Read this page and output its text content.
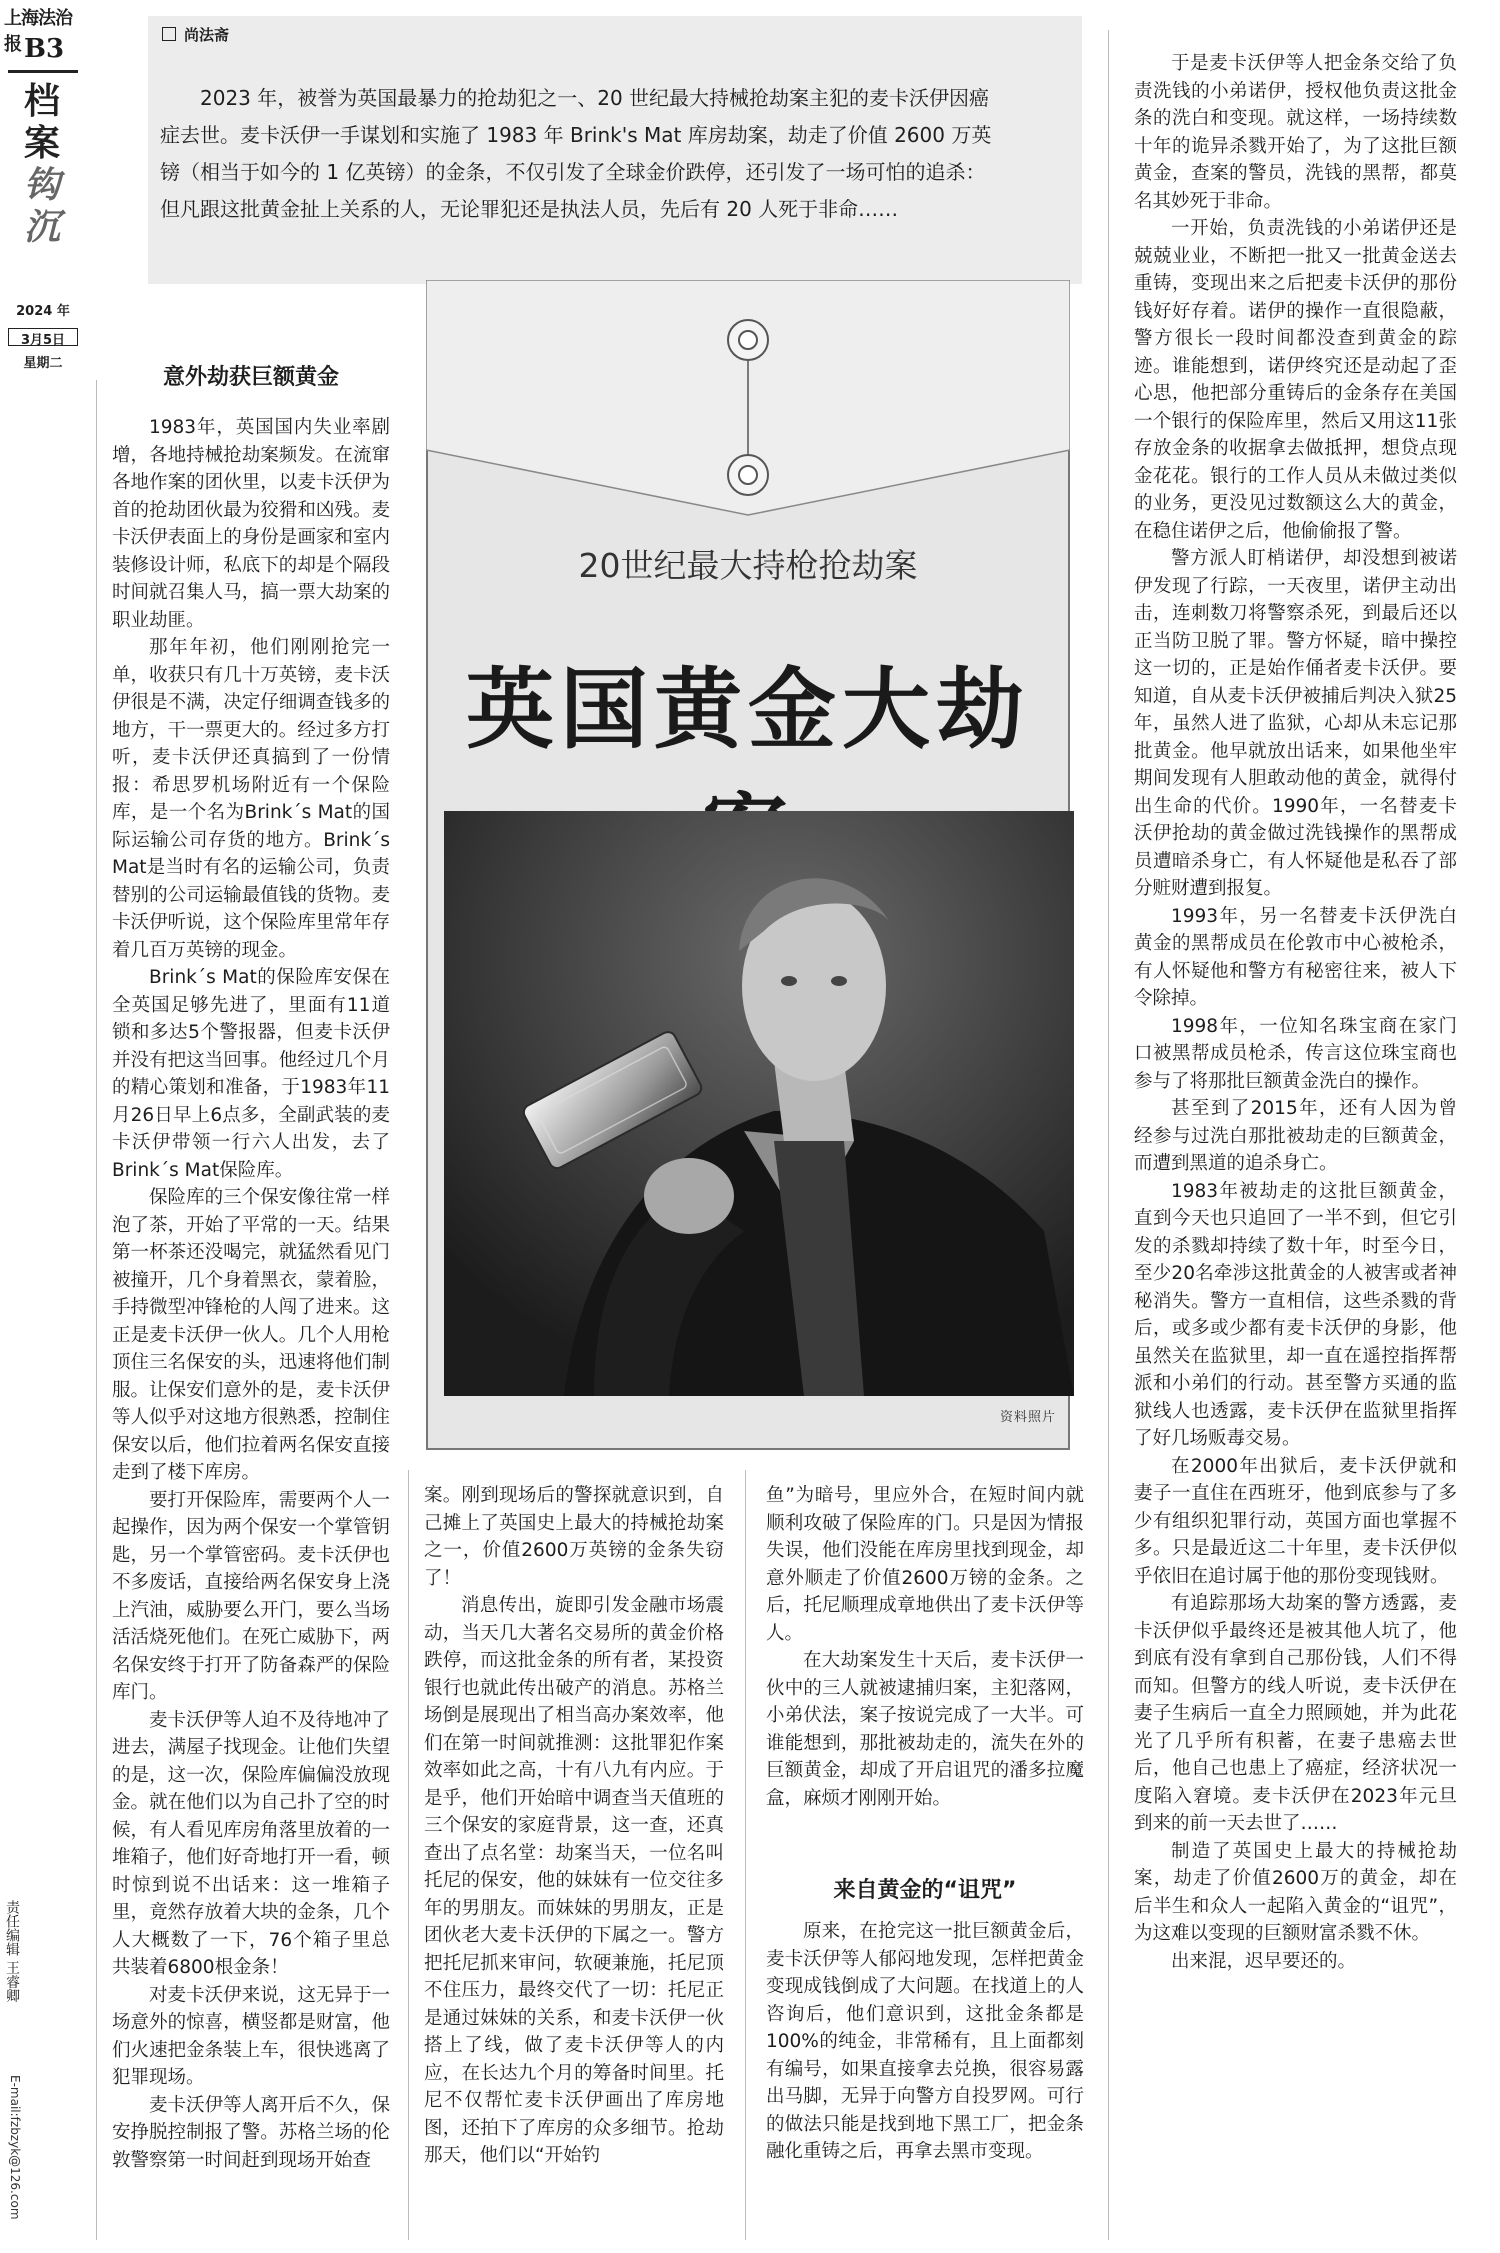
上海法治报 B3
档案
钩沉
2024 年
3月5日
星期二
责任编辑 王睿卿
E-mail:fzbzyk@126.com
尚法斋
2023 年，被誉为英国最暴力的抢劫犯之一、20 世纪最大持械抢劫案主犯的麦卡沃伊因癌症去世。麦卡沃伊一手谋划和实施了 1983 年 Brink's Mat 库房劫案，劫走了价值 2600 万英镑（相当于如今的 1 亿英镑）的金条，不仅引发了全球金价跌停，还引发了一场可怕的追杀：但凡跟这批黄金扯上关系的人，无论罪犯还是执法人员，先后有 20 人死于非命……
20世纪最大持枪抢劫案
英国黄金大劫
资料照片
意外劫获巨额黄金

1983年，英国国内失业率剧增，各地持械抢劫案频发。在流窜各地作案的团伙里，以麦卡沃伊为首的抢劫团伙最为狡猾和凶残。麦卡沃伊表面上的身份是画家和室内装修设计师，私底下的却是个隔段时间就召集人马，搞一票大劫案的职业劫匪。

那年年初，他们刚刚抢完一单，收获只有几十万英镑，麦卡沃伊很是不满，决定仔细调查钱多的地方，干一票更大的。经过多方打听，麦卡沃伊还真搞到了一份情报：希思罗机场附近有一个保险库，是一个名为Brink´s Mat的国际运输公司存货的地方。Brink´s Mat是当时有名的运输公司，负责替别的公司运输最值钱的货物。麦卡沃伊听说，这个保险库里常年存着几百万英镑的现金。

Brink´s Mat的保险库安保在全英国足够先进了，里面有11道锁和多达5个警报器，但麦卡沃伊并没有把这当回事。他经过几个月的精心策划和准备，于1983年11月26日早上6点多，全副武装的麦卡沃伊带领一行六人出发，去了Brink´s Mat保险库。

保险库的三个保安像往常一样泡了茶，开始了平常的一天。结果第一杯茶还没喝完，就猛然看见门被撞开，几个身着黑衣，蒙着脸，手持微型冲锋枪的人闯了进来。这正是麦卡沃伊一伙人。几个人用枪顶住三名保安的头，迅速将他们制服。让保安们意外的是，麦卡沃伊等人似乎对这地方很熟悉，控制住保安以后，他们拉着两名保安直接走到了楼下库房。

要打开保险库，需要两个人一起操作，因为两个保安一个掌管钥匙，另一个掌管密码。麦卡沃伊也不多废话，直接给两名保安身上浇上汽油，威胁要么开门，要么当场活活烧死他们。在死亡威胁下，两名保安终于打开了防备森严的保险库门。

麦卡沃伊等人迫不及待地冲了进去，满屋子找现金。让他们失望的是，这一次，保险库偏偏没放现金。就在他们以为自己扑了空的时候，有人看见库房角落里放着的一堆箱子，他们好奇地打开一看，顿时惊到说不出话来：这一堆箱子里，竟然存放着大块的金条，几个人大概数了一下，76个箱子里总共装着6800根金条！

对麦卡沃伊来说，这无异于一场意外的惊喜，横竖都是财富，他们火速把金条装上车，很快逃离了犯罪现场。

麦卡沃伊等人离开后不久，保安挣脱控制报了警。苏格兰场的伦敦警察第一时间赶到现场开始查

案。刚到现场后的警探就意识到，自己摊上了英国史上最大的持械抢劫案之一，价值2600万英镑的金条失窃了！

消息传出，旋即引发金融市场震动，当天几大著名交易所的黄金价格跌停，而这批金条的所有者，某投资银行也就此传出破产的消息。苏格兰场倒是展现出了相当高办案效率，他们在第一时间就推测：这批罪犯作案效率如此之高，十有八九有内应。于是乎，他们开始暗中调查当天值班的三个保安的家庭背景，这一查，还真查出了点名堂：劫案当天，一位名叫托尼的保安，他的妹妹有一位交往多年的男朋友。而妹妹的男朋友，正是团伙老大麦卡沃伊的下属之一。警方把托尼抓来审问，软硬兼施，托尼顶不住压力，最终交代了一切：托尼正是通过妹妹的关系，和麦卡沃伊一伙搭上了线，做了麦卡沃伊等人的内应，在长达九个月的筹备时间里。托尼不仅帮忙麦卡沃伊画出了库房地图，还拍下了库房的众多细节。抢劫那天，他们以“开始钓

鱼”为暗号，里应外合，在短时间内就顺利攻破了保险库的门。只是因为情报失误，他们没能在库房里找到现金，却意外顺走了价值2600万镑的金条。之后，托尼顺理成章地供出了麦卡沃伊等人。

在大劫案发生十天后，麦卡沃伊一伙中的三人就被逮捕归案，主犯落网，小弟伏法，案子按说完成了一大半。可谁能想到，那批被劫走的，流失在外的巨额黄金，却成了开启诅咒的潘多拉魔盒，麻烦才刚刚开始。

来自黄金的“诅咒”

原来，在抢完这一批巨额黄金后，麦卡沃伊等人郁闷地发现，怎样把黄金变现成钱倒成了大问题。在找道上的人咨询后，他们意识到，这批金条都是100%的纯金，非常稀有，且上面都刻有编号，如果直接拿去兑换，很容易露出马脚，无异于向警方自投罗网。可行的做法只能是找到地下黑工厂，把金条融化重铸之后，再拿去黑市变现。

于是麦卡沃伊等人把金条交给了负责洗钱的小弟诺伊，授权他负责这批金条的洗白和变现。就这样，一场持续数十年的诡异杀戮开始了，为了这批巨额黄金，查案的警员，洗钱的黑帮，都莫名其妙死于非命。

一开始，负责洗钱的小弟诺伊还是兢兢业业，不断把一批又一批黄金送去重铸，变现出来之后把麦卡沃伊的那份钱好好存着。诺伊的操作一直很隐蔽，警方很长一段时间都没查到黄金的踪迹。谁能想到，诺伊终究还是动起了歪心思，他把部分重铸后的金条存在美国一个银行的保险库里，然后又用这11张存放金条的收据拿去做抵押，想贷点现金花花。银行的工作人员从未做过类似的业务，更没见过数额这么大的黄金，在稳住诺伊之后，他偷偷报了警。

警方派人盯梢诺伊，却没想到被诺伊发现了行踪，一天夜里，诺伊主动出击，连刺数刀将警察杀死，到最后还以正当防卫脱了罪。警方怀疑，暗中操控这一切的，正是始作俑者麦卡沃伊。要知道，自从麦卡沃伊被捕后判决入狱25年，虽然人进了监狱，心却从未忘记那批黄金。他早就放出话来，如果他坐牢期间发现有人胆敢动他的黄金，就得付出生命的代价。1990年，一名替麦卡沃伊抢劫的黄金做过洗钱操作的黑帮成员遭暗杀身亡，有人怀疑他是私吞了部分赃财遭到报复。

1993年，另一名替麦卡沃伊洗白黄金的黑帮成员在伦敦市中心被枪杀，有人怀疑他和警方有秘密往来，被人下令除掉。

1998年，一位知名珠宝商在家门口被黑帮成员枪杀，传言这位珠宝商也参与了将那批巨额黄金洗白的操作。

甚至到了2015年，还有人因为曾经参与过洗白那批被劫走的巨额黄金，而遭到黑道的追杀身亡。

1983年被劫走的这批巨额黄金，直到今天也只追回了一半不到，但它引发的杀戮却持续了数十年，时至今日，至少20名牵涉这批黄金的人被害或者神秘消失。警方一直相信，这些杀戮的背后，或多或少都有麦卡沃伊的身影，他虽然关在监狱里，却一直在遥控指挥帮派和小弟们的行动。甚至警方买通的监狱线人也透露，麦卡沃伊在监狱里指挥了好几场贩毒交易。

在2000年出狱后，麦卡沃伊就和妻子一直住在西班牙，他到底参与了多少有组织犯罪行动，英国方面也掌握不多。只是最近这二十年里，麦卡沃伊似乎依旧在追讨属于他的那份变现钱财。

有追踪那场大劫案的警方透露，麦卡沃伊似乎最终还是被其他人坑了，他到底有没有拿到自己那份钱，人们不得而知。但警方的线人听说，麦卡沃伊在妻子生病后一直全力照顾她，并为此花光了几乎所有积蓄，在妻子患癌去世后，他自己也患上了癌症，经济状况一度陷入窘境。麦卡沃伊在2023年元旦到来的前一天去世了……

制造了英国史上最大的持械抢劫案，劫走了价值2600万的黄金，却在后半生和众人一起陷入黄金的“诅咒”，为这难以变现的巨额财富杀戮不休。

出来混，迟早要还的。
